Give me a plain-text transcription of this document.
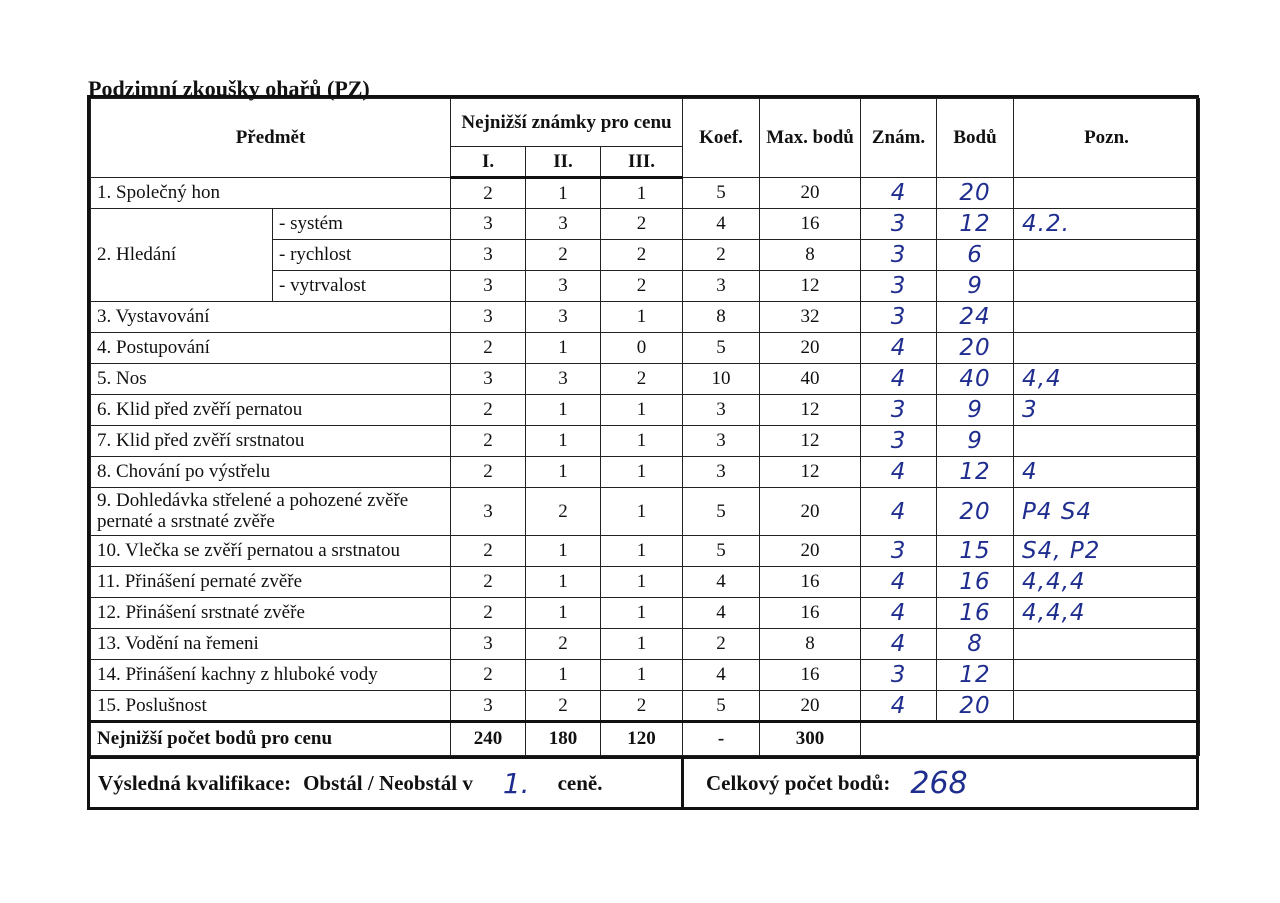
Podzimní zkoušky ohařů (PZ)
Předmět		Nejnižší známky pro cenu			Koef.	Max. bodů	Znám.	Bodů	Pozn.
		I.	II.	III.					
1. Společný hon		2	1	1	5	20	4	20	
2. Hledání	- systém	3	3	2	4	16	3	12	4.2.
	- rychlost	3	2	2	2	8	3	6	
	- vytrvalost	3	3	2	3	12	3	9	
3. Vystavování		3	3	1	8	32	3	24	
4. Postupování		2	1	0	5	20	4	20	
5. Nos		3	3	2	10	40	4	40	4,4
6. Klid před zvěří pernatou		2	1	1	3	12	3	9	3
7. Klid před zvěří srstnatou		2	1	1	3	12	3	9	
8. Chování po výstřelu		2	1	1	3	12	4	12	4
9. Dohledávka střelené a pohozené zvěře pernaté a srstnaté zvěře		3	2	1	5	20	4	20	P4 S4
10. Vlečka se zvěří pernatou a srstnatou		2	1	1	5	20	3	15	S4, P2
11. Přinášení pernaté zvěře		2	1	1	4	16	4	16	4,4,4
12. Přinášení srstnaté zvěře		2	1	1	4	16	4	16	4,4,4
13. Vodění na řemeni		3	2	1	2	8	4	8	
14. Přinášení kachny z hluboké vody		2	1	1	4	16	3	12	
15. Poslušnost		3	2	2	5	20	4	20	
Nejnižší počet bodů pro cenu		240	180	120	-	300			
Výsledná kvalifikace: Obstál / Neobstál v 1. ceně.	Celkový počet bodů: 268
